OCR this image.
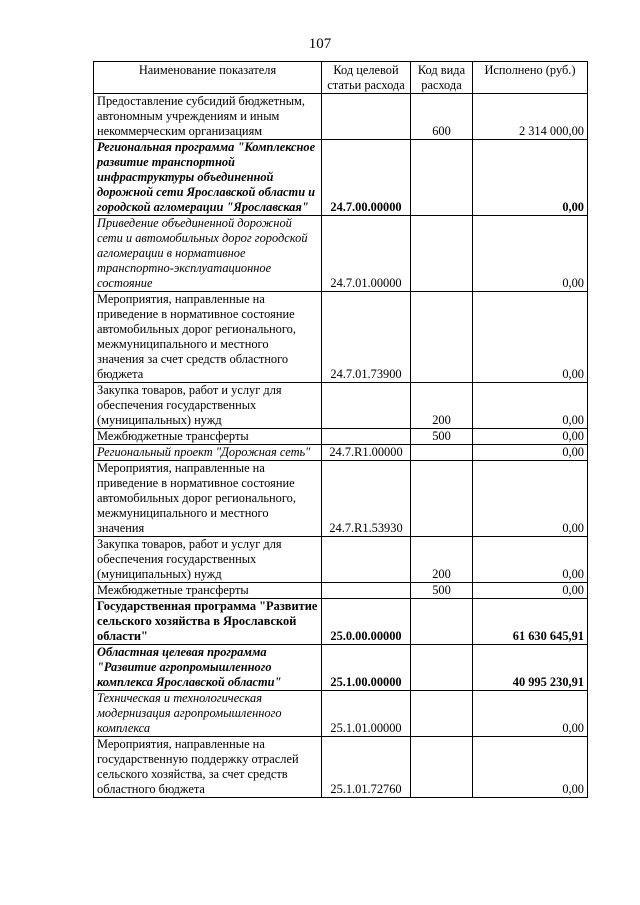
107
Наименование показателя	Код целевой статьи расхода	Код вида расхода	Исполнено (руб.)
Предоставление субсидий бюджетным, автономным учреждениям и иным некоммерческим организациям		600	2 314 000,00
Региональная программа "Комплексное развитие транспортной инфраструктуры объединенной дорожной сети Ярославской области и городской агломерации "Ярославская"	24.7.00.00000		0,00
Приведение объединенной дорожной сети и автомобильных дорог городской агломерации в нормативное транспортно-эксплуатационное состояние	24.7.01.00000		0,00
Мероприятия, направленные на приведение в нормативное состояние автомобильных дорог регионального, межмуниципального и местного значения за счет средств областного бюджета	24.7.01.73900		0,00
Закупка товаров, работ и услуг для обеспечения государственных (муниципальных) нужд		200	0,00
Межбюджетные трансферты		500	0,00
Региональный проект "Дорожная сеть"	24.7.R1.00000		0,00
Мероприятия, направленные на приведение в нормативное состояние автомобильных дорог регионального, межмуниципального и местного значения	24.7.R1.53930		0,00
Закупка товаров, работ и услуг для обеспечения государственных (муниципальных) нужд		200	0,00
Межбюджетные трансферты		500	0,00
Государственная программа "Развитие сельского хозяйства в Ярославской области"	25.0.00.00000		61 630 645,91
Областная целевая программа "Развитие агропромышленного комплекса Ярославской области"	25.1.00.00000		40 995 230,91
Техническая и технологическая модернизация агропромышленного комплекса	25.1.01.00000		0,00
Мероприятия, направленные на государственную поддержку отраслей сельского хозяйства, за счет средств областного бюджета	25.1.01.72760		0,00
